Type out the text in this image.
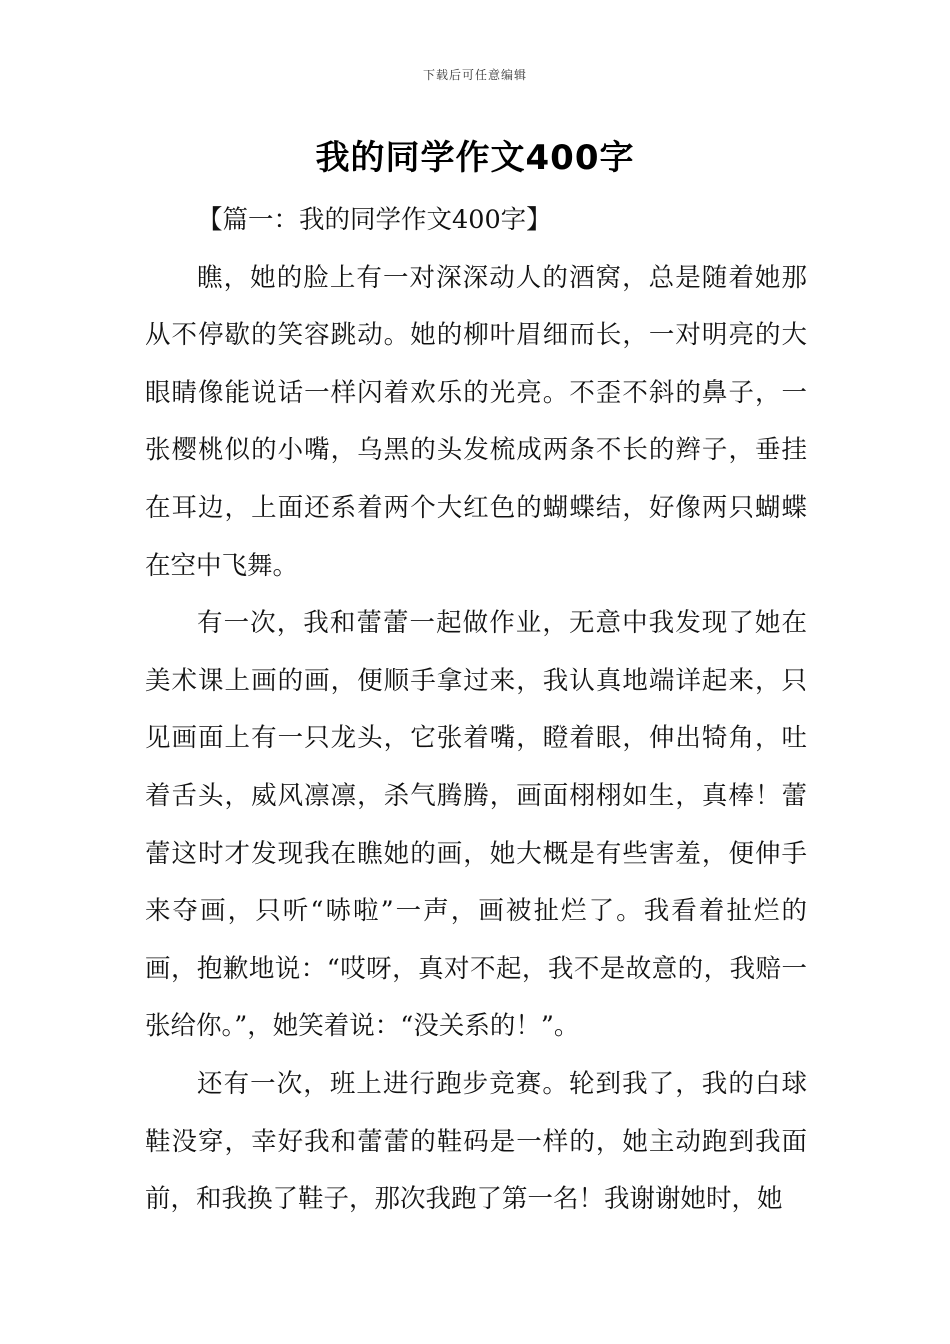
下载后可任意编辑
我的同学作文400字

【篇一：我的同学作文400字】

瞧，她的脸上有一对深深动人的酒窝，总是随着她那从不停歇的笑容跳动。她的柳叶眉细而长，一对明亮的大眼睛像能说话一样闪着欢乐的光亮。不歪不斜的鼻子，一张樱桃似的小嘴，乌黑的头发梳成两条不长的辫子，垂挂在耳边，上面还系着两个大红色的蝴蝶结，好像两只蝴蝶在空中飞舞。

有一次，我和蕾蕾一起做作业，无意中我发现了她在美术课上画的画，便顺手拿过来，我认真地端详起来，只见画面上有一只龙头，它张着嘴，瞪着眼，伸出犄角，吐着舌头，威风凛凛，杀气腾腾，画面栩栩如生，真棒！蕾蕾这时才发现我在瞧她的画，她大概是有些害羞，便伸手来夺画，只听“哧啦”一声，画被扯烂了。我看着扯烂的画，抱歉地说：“哎呀，真对不起，我不是故意的，我赔一张给你。”，她笑着说：“没关系的！”。

还有一次，班上进行跑步竞赛。轮到我了，我的白球鞋没穿，幸好我和蕾蕾的鞋码是一样的，她主动跑到我面前，和我换了鞋子，那次我跑了第一名！我谢谢她时，她
